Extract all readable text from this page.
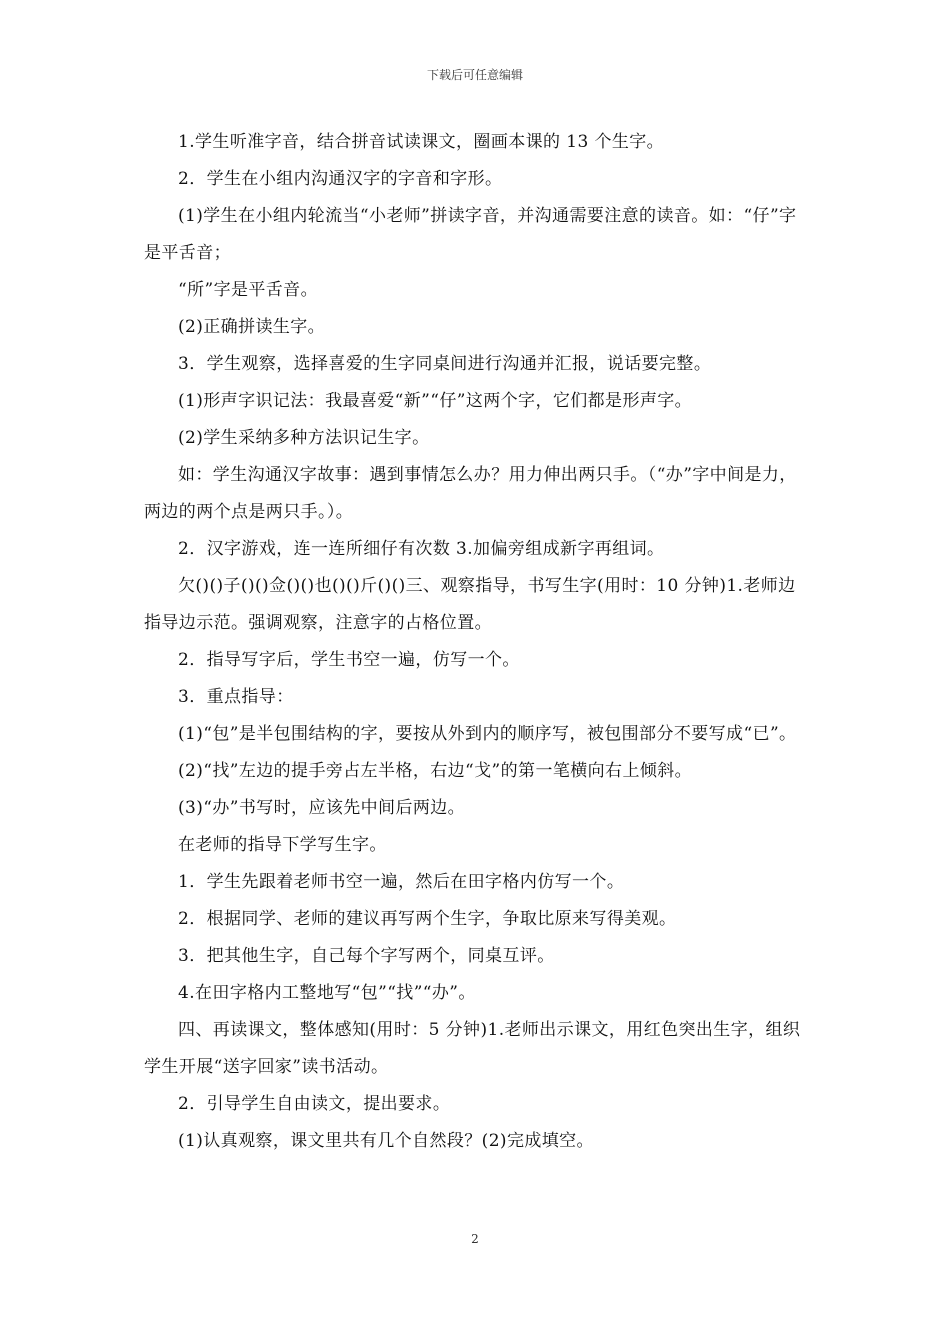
下载后可任意编辑

1.学生听准字音，结合拼音试读课文，圈画本课的 13 个生字。

2．学生在小组内沟通汉字的字音和字形。

(1)学生在小组内轮流当“小老师”拼读字音，并沟通需要注意的读音。如：“仔”字是平舌音；

“所”字是平舌音。

(2)正确拼读生字。

3．学生观察，选择喜爱的生字同桌间进行沟通并汇报，说话要完整。

(1)形声字识记法：我最喜爱“新”“仔”这两个字，它们都是形声字。

(2)学生采纳多种方法识记生字。

如：学生沟通汉字故事：遇到事情怎么办？用力伸出两只手。（“办”字中间是力，两边的两个点是两只手。）。

2．汉字游戏，连一连所细仔有次数 3.加偏旁组成新字再组词。

欠()()子()()佥()()也()()斤()()三、观察指导，书写生字(用时：10 分钟)1.老师边指导边示范。强调观察，注意字的占格位置。

2．指导写字后，学生书空一遍，仿写一个。

3．重点指导：

(1)“包”是半包围结构的字，要按从外到内的顺序写，被包围部分不要写成“已”。

(2)“找”左边的提手旁占左半格，右边“戈”的第一笔横向右上倾斜。

(3)“办”书写时，应该先中间后两边。

在老师的指导下学写生字。

1．学生先跟着老师书空一遍，然后在田字格内仿写一个。

2．根据同学、老师的建议再写两个生字，争取比原来写得美观。

3．把其他生字，自己每个字写两个，同桌互评。

4.在田字格内工整地写“包”“找”“办”。

四、再读课文，整体感知(用时：5 分钟)1.老师出示课文，用红色突出生字，组织学生开展“送字回家”读书活动。

2．引导学生自由读文，提出要求。

(1)认真观察，课文里共有几个自然段？(2)完成填空。

2
